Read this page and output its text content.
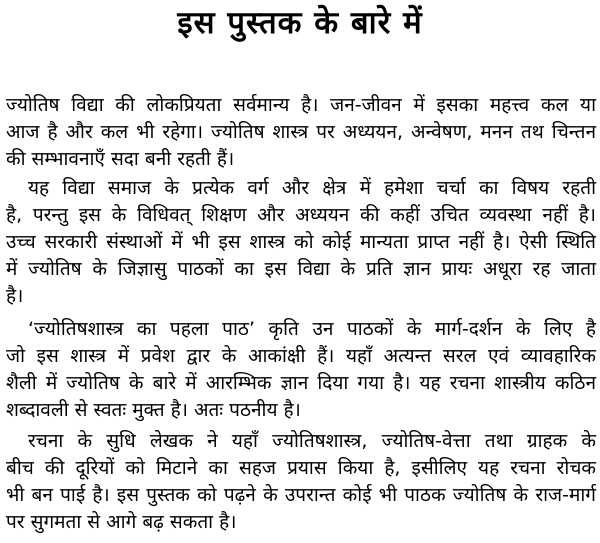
इस पुस्तक के बारे में
ज्योतिष विद्या की लोकप्रियता सर्वमान्य है। जन-जीवन में इसका महत्त्व कल या
आज है और कल भी रहेगा। ज्योतिष शास्त्र पर अध्ययन, अन्वेषण, मनन तथ चिन्तन
की सम्भावनाएँ सदा बनी रहती हैं।
यह विद्या समाज के प्रत्येक वर्ग और क्षेत्र में हमेशा चर्चा का विषय रहती
है, परन्तु इस के विधिवत् शिक्षण और अध्ययन की कहीं उचित व्यवस्था नहीं है।
उच्च सरकारी संस्थाओं में भी इस शास्त्र को कोई मान्यता प्राप्त नहीं है। ऐसी स्थिति
में ज्योतिष के जिज्ञासु पाठकों का इस विद्या के प्रति ज्ञान प्रायः अधूरा रह जाता
है।
‘ज्योतिषशास्त्र का पहला पाठ’ कृति उन पाठकों के मार्ग-दर्शन के लिए है
जो इस शास्त्र में प्रवेश द्वार के आकांक्षी हैं। यहाँ अत्यन्त सरल एवं व्यावहारिक
शैली में ज्योतिष के बारे में आरम्भिक ज्ञान दिया गया है। यह रचना शास्त्रीय कठिन
शब्दावली से स्वतः मुक्त है। अतः पठनीय है।
रचना के सुधि लेखक ने यहाँ ज्योतिषशास्त्र, ज्योतिष-वेत्ता तथा ग्राहक के
बीच की दूरियों को मिटाने का सहज प्रयास किया है, इसीलिए यह रचना रोचक
भी बन पाई है। इस पुस्तक को पढ़ने के उपरान्त कोई भी पाठक ज्योतिष के राज-मार्ग
पर सुगमता से आगे बढ़ सकता है।
